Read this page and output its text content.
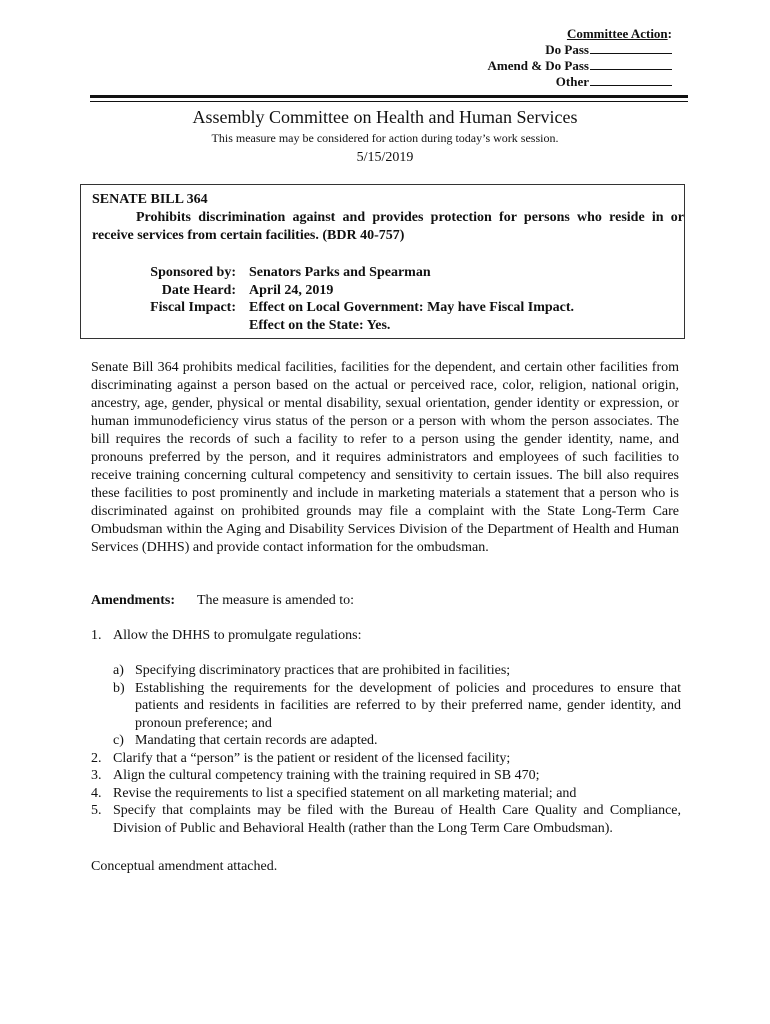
Committee Action:
Do Pass
Amend & Do Pass
Other
Assembly Committee on Health and Human Services
This measure may be considered for action during today’s work session.
5/15/2019
SENATE BILL 364
Prohibits discrimination against and provides protection for persons who reside in or receive services from certain facilities. (BDR 40-757)
Sponsored by: Senators Parks and Spearman
Date Heard: April 24, 2019
Fiscal Impact: Effect on Local Government: May have Fiscal Impact.
Effect on the State: Yes.
Senate Bill 364 prohibits medical facilities, facilities for the dependent, and certain other facilities from discriminating against a person based on the actual or perceived race, color, religion, national origin, ancestry, age, gender, physical or mental disability, sexual orientation, gender identity or expression, or human immunodeficiency virus status of the person or a person with whom the person associates. The bill requires the records of such a facility to refer to a person using the gender identity, name, and pronouns preferred by the person, and it requires administrators and employees of such facilities to receive training concerning cultural competency and sensitivity to certain issues. The bill also requires these facilities to post prominently and include in marketing materials a statement that a person who is discriminated against on prohibited grounds may file a complaint with the State Long-Term Care Ombudsman within the Aging and Disability Services Division of the Department of Health and Human Services (DHHS) and provide contact information for the ombudsman.
Amendments: The measure is amended to:
1. Allow the DHHS to promulgate regulations:
a) Specifying discriminatory practices that are prohibited in facilities;
b) Establishing the requirements for the development of policies and procedures to ensure that patients and residents in facilities are referred to by their preferred name, gender identity, and pronoun preference; and
c) Mandating that certain records are adapted.
2. Clarify that a “person” is the patient or resident of the licensed facility;
3. Align the cultural competency training with the training required in SB 470;
4. Revise the requirements to list a specified statement on all marketing material; and
5. Specify that complaints may be filed with the Bureau of Health Care Quality and Compliance, Division of Public and Behavioral Health (rather than the Long Term Care Ombudsman).
Conceptual amendment attached.
